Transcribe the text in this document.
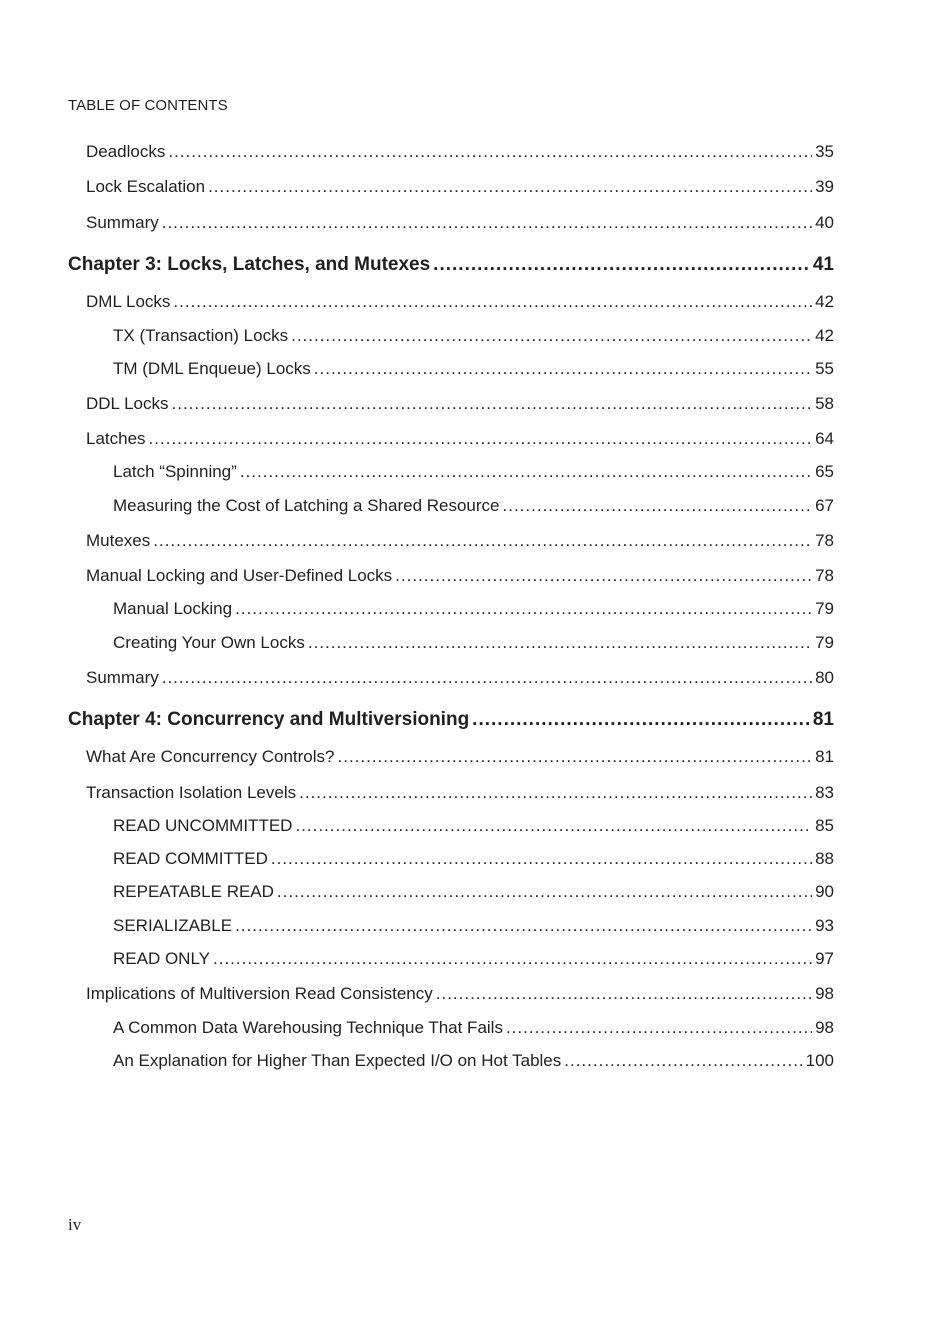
TABLE OF CONTENTS
Deadlocks .....	35
Lock Escalation .....	39
Summary .....	40
Chapter 3: Locks, Latches, and Mutexes .....	41
DML Locks .....	42
TX (Transaction) Locks .....	42
TM (DML Enqueue) Locks .....	55
DDL Locks .....	58
Latches .....	64
Latch “Spinning” .....	65
Measuring the Cost of Latching a Shared Resource .....	67
Mutexes .....	78
Manual Locking and User-Defined Locks .....	78
Manual Locking .....	79
Creating Your Own Locks .....	79
Summary .....	80
Chapter 4: Concurrency and Multiversioning .....	81
What Are Concurrency Controls? .....	81
Transaction Isolation Levels .....	83
READ UNCOMMITTED .....	85
READ COMMITTED .....	88
REPEATABLE READ .....	90
SERIALIZABLE .....	93
READ ONLY .....	97
Implications of Multiversion Read Consistency .....	98
A Common Data Warehousing Technique That Fails .....	98
An Explanation for Higher Than Expected I/O on Hot Tables .....	100
iv
